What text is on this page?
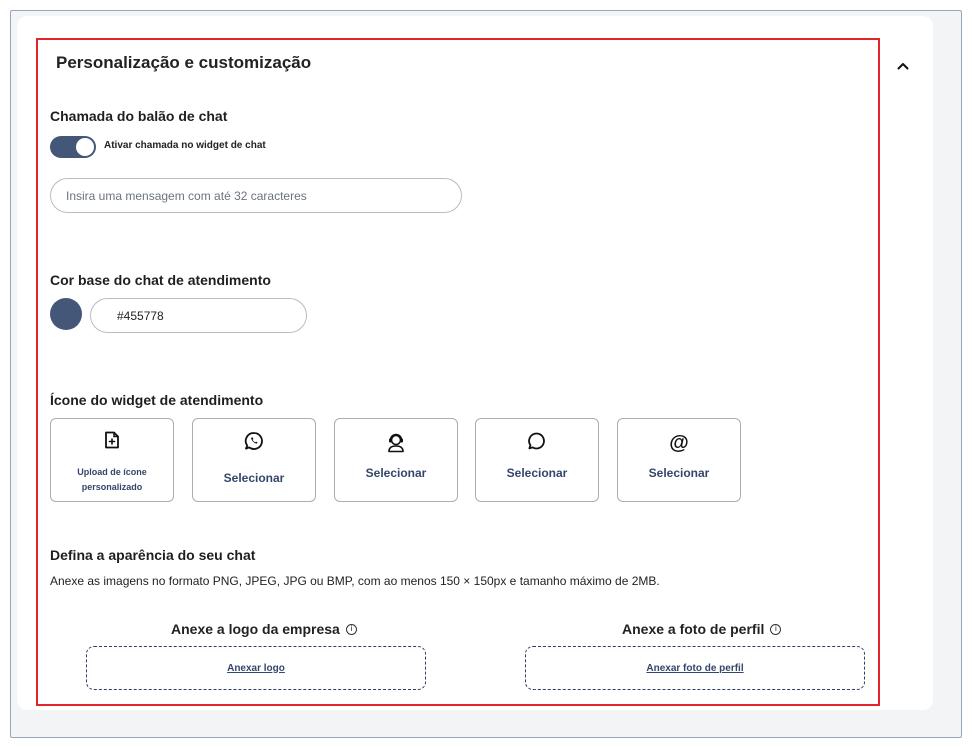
Personalização e customização
Chamada do balão de chat
Ativar chamada no widget de chat
Insira uma mensagem com até 32 caracteres
Cor base do chat de atendimento
#455778
Ícone do widget de atendimento
Upload de ícone personalizado
Selecionar	Selecionar	Selecionar
@
Selecionar
Defina a aparência do seu chat
Anexe as imagens no formato PNG, JPEG, JPG ou BMP, com ao menos 150 × 150px e tamanho máximo de 2MB.
Anexe a logo da empresa	i
Anexar logo
Anexe a foto de perfil	i
Anexar foto de perfil
